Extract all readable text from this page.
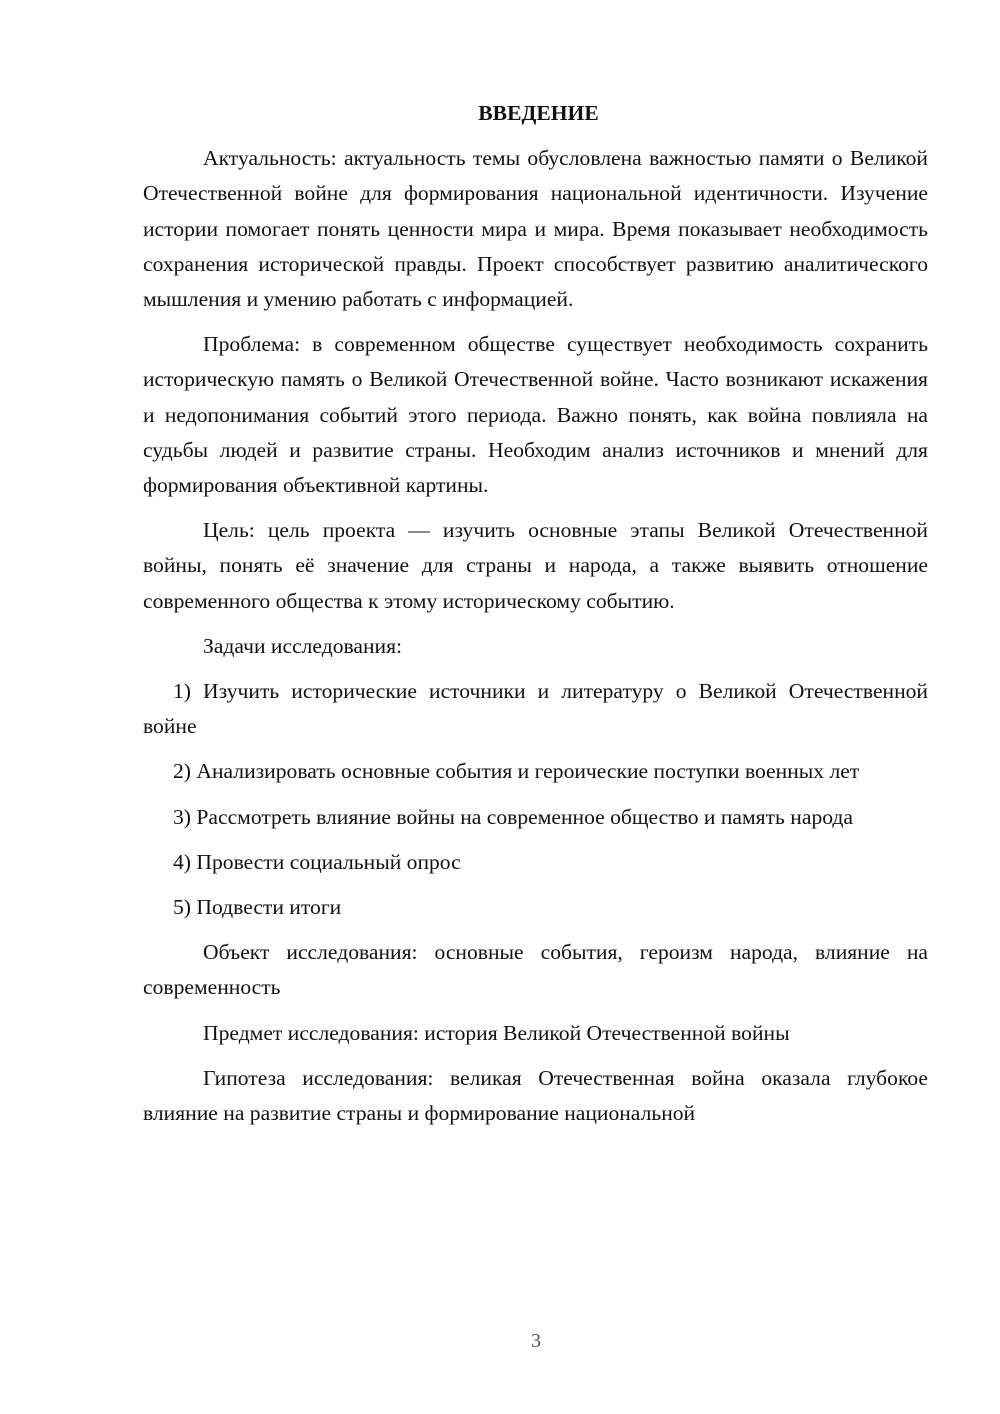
ВВЕДЕНИЕ

Актуальность: актуальность темы обусловлена важностью памяти о Великой Отечественной войне для формирования национальной идентичности. Изучение истории помогает понять ценности мира и мира. Время показывает необходимость сохранения исторической правды. Проект способствует развитию аналитического мышления и умению работать с информацией.

Проблема: в современном обществе существует необходимость сохранить историческую память о Великой Отечественной войне. Часто возникают искажения и недопонимания событий этого периода. Важно понять, как война повлияла на судьбы людей и развитие страны. Необходим анализ источников и мнений для формирования объективной картины.

Цель: цель проекта — изучить основные этапы Великой Отечественной войны, понять её значение для страны и народа, а также выявить отношение современного общества к этому историческому событию.

Задачи исследования:

1) Изучить исторические источники и литературу о Великой Отечественной войне

2) Анализировать основные события и героические поступки военных лет

3) Рассмотреть влияние войны на современное общество и память народа

4) Провести социальный опрос

5) Подвести итоги

Объект исследования: основные события, героизм народа, влияние на современность

Предмет исследования: история Великой Отечественной войны

Гипотеза исследования: великая Отечественная война оказала глубокое влияние на развитие страны и формирование национальной

3
